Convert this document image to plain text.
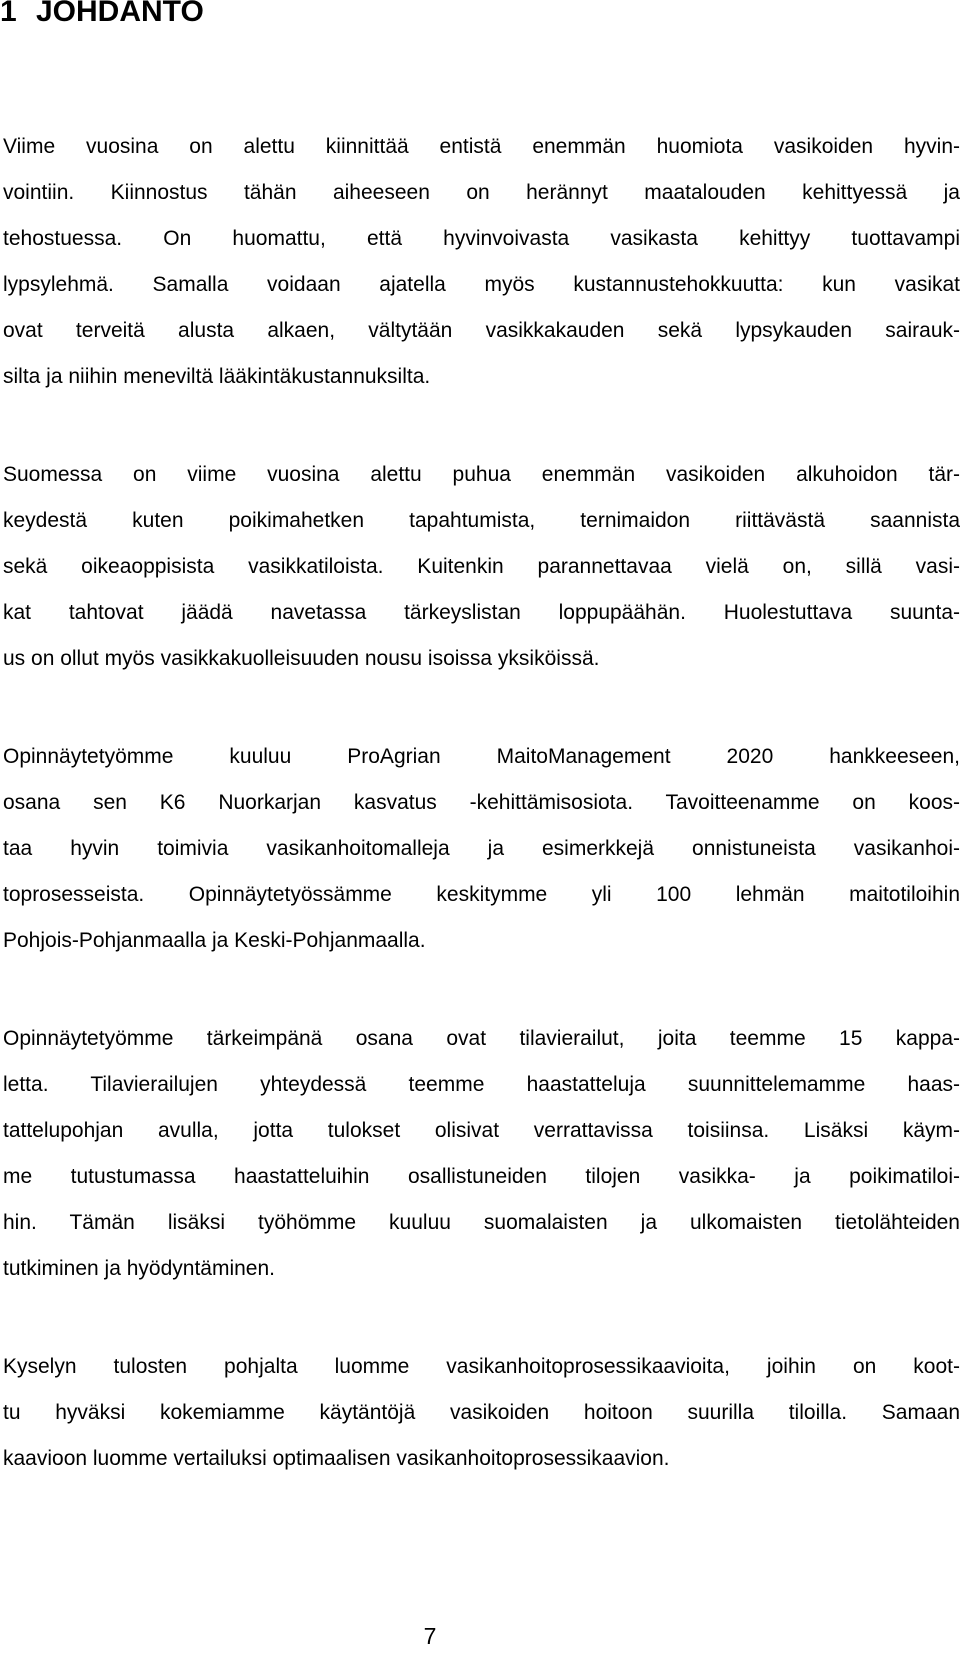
1 JOHDANTO
Viime vuosina on alettu kiinnittää entistä enemmän huomiota vasikoiden hyvin-
vointiin. Kiinnostus tähän aiheeseen on herännyt maatalouden kehittyessä ja
tehostuessa. On huomattu, että hyvinvoivasta vasikasta kehittyy tuottavampi
lypsylehmä. Samalla voidaan ajatella myös kustannustehokkuutta: kun vasikat
ovat terveitä alusta alkaen, vältytään vasikkakauden sekä lypsykauden sairauk-
silta ja niihin meneviltä lääkintäkustannuksilta.
Suomessa on viime vuosina alettu puhua enemmän vasikoiden alkuhoidon tär-
keydestä kuten poikimahetken tapahtumista, ternimaidon riittävästä saannista
sekä oikeaoppisista vasikkatiloista. Kuitenkin parannettavaa vielä on, sillä vasi-
kat tahtovat jäädä navetassa tärkeyslistan loppupäähän. Huolestuttava suunta-
us on ollut myös vasikkakuolleisuuden nousu isoissa yksiköissä.
Opinnäytetyömme kuuluu ProAgrian MaitoManagement 2020 hankkeeseen,
osana sen K6 Nuorkarjan kasvatus -kehittämisosiota. Tavoitteenamme on koos-
taa hyvin toimivia vasikanhoitomalleja ja esimerkkejä onnistuneista vasikanhoi-
toprosesseista. Opinnäytetyössämme keskitymme yli 100 lehmän maitotiloihin
Pohjois-Pohjanmaalla ja Keski-Pohjanmaalla.
Opinnäytetyömme tärkeimpänä osana ovat tilavierailut, joita teemme 15 kappa-
letta. Tilavierailujen yhteydessä teemme haastatteluja suunnittelemamme haas-
tattelupohjan avulla, jotta tulokset olisivat verrattavissa toisiinsa. Lisäksi käym-
me tutustumassa haastatteluihin osallistuneiden tilojen vasikka- ja poikimatiloi-
hin. Tämän lisäksi työhömme kuuluu suomalaisten ja ulkomaisten tietolähteiden
tutkiminen ja hyödyntäminen.
Kyselyn tulosten pohjalta luomme vasikanhoitoprosessikaavioita, joihin on koot-
tu hyväksi kokemiamme käytäntöjä vasikoiden hoitoon suurilla tiloilla. Samaan
kaavioon luomme vertailuksi optimaalisen vasikanhoitoprosessikaavion.
7
